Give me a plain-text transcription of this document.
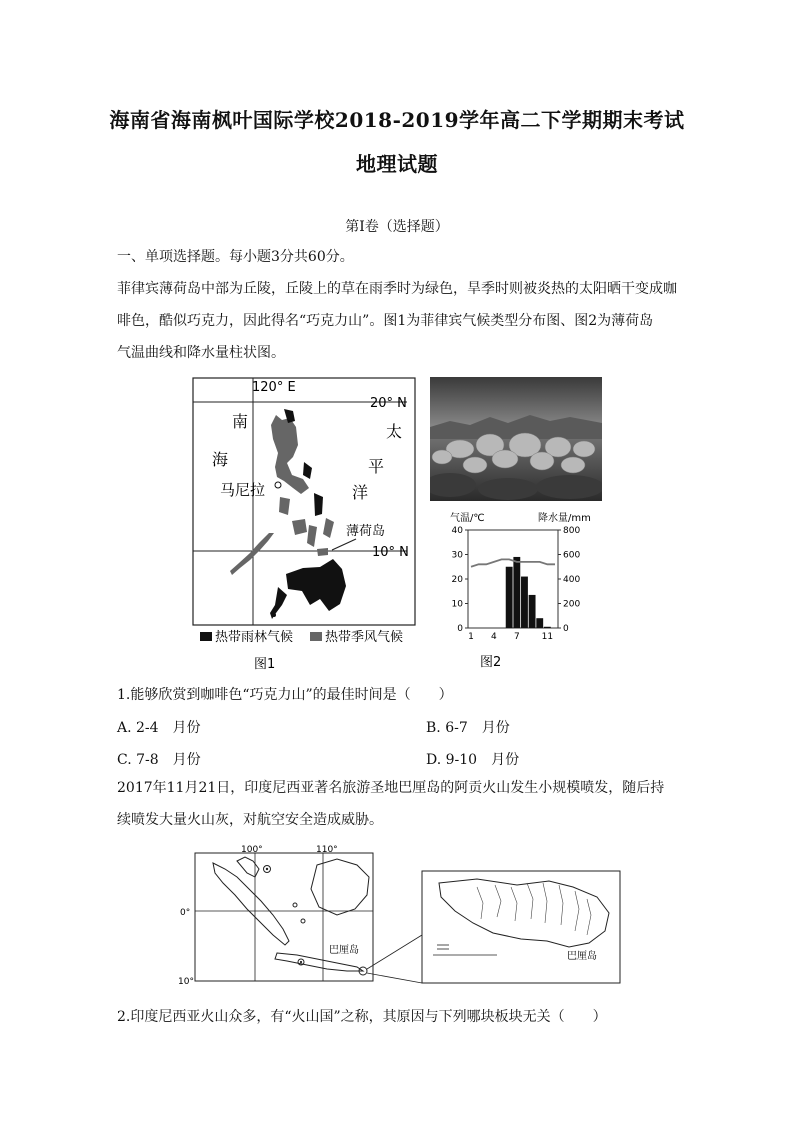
海南省海南枫叶国际学校2018-2019学年高二下学期期末考试
地理试题
第Ⅰ卷（选择题）
一、单项选择题。每小题3分共60分。
菲律宾薄荷岛中部为丘陵，丘陵上的草在雨季时为绿色，旱季时则被炎热的太阳晒干变成咖
啡色，酷似巧克力，因此得名“巧克力山”。图1为菲律宾气候类型分布图、图2为薄荷岛
气温曲线和降水量柱状图。
120° E
20° N
10° N
南
海
太
平
洋
马尼拉
薄荷岛
热带雨林气候 热带季风气候
图1
气温/℃	降水量/mm
0
10
20
30
40
0
200
400
600
800
1 4 7 11
图2
1.能够欣赏到咖啡色“巧克力山”的最佳时间是（　　）
A. 2-4　月份	B. 6-7　月份
C. 7-8　月份	D. 9-10　月份
2017年11月21日，印度尼西亚著名旅游圣地巴厘岛的阿贡火山发生小规模喷发，随后持
续喷发大量火山灰，对航空安全造成威胁。
100°	110°
0°
10°
巴厘岛
巴厘岛
2.印度尼西亚火山众多，有“火山国”之称，其原因与下列哪块板块无关（　　）
